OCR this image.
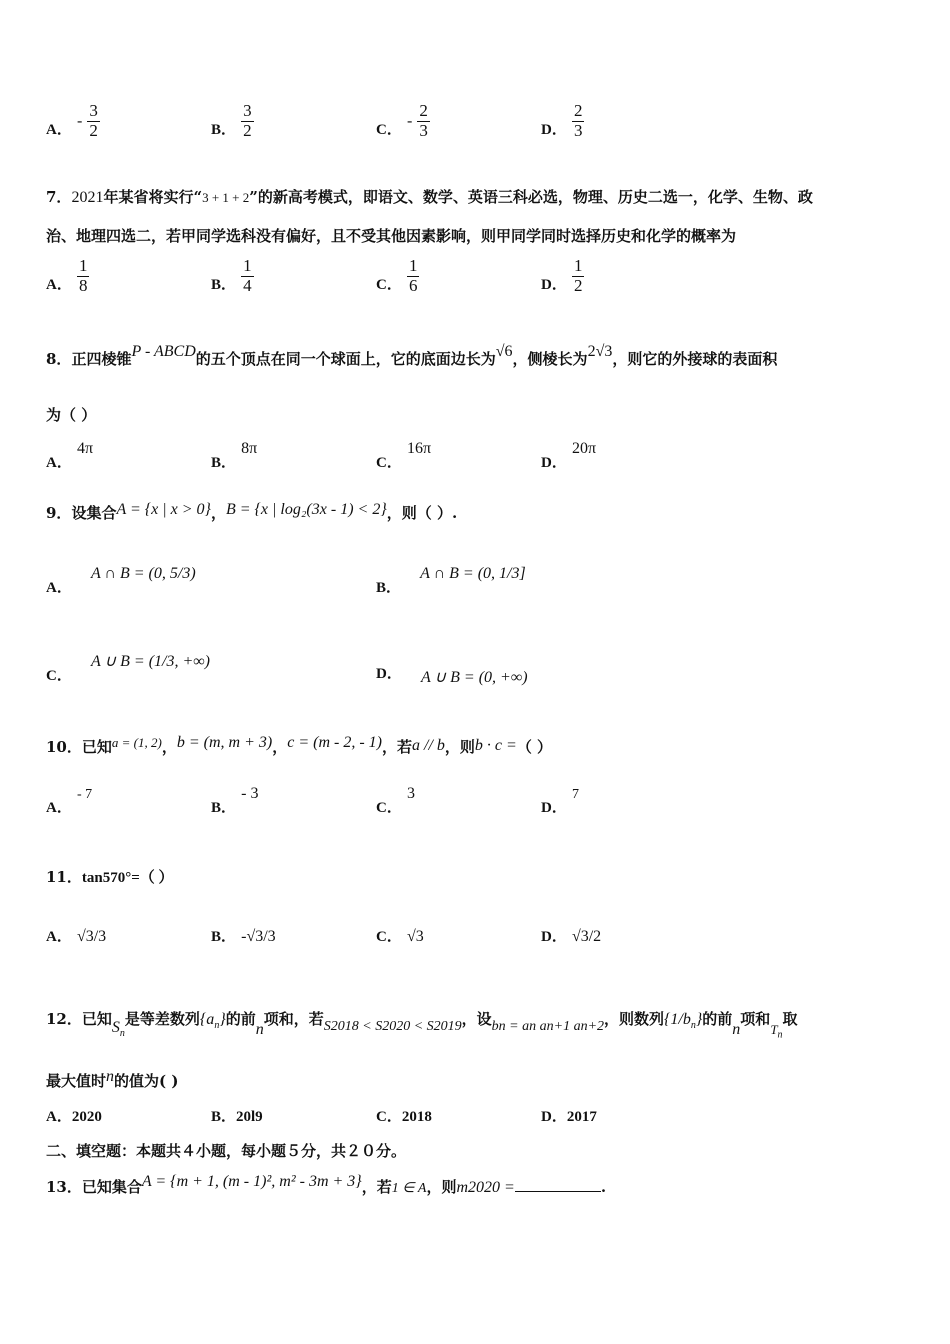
A． - $\frac{3}{2}$	B． $\frac{3}{2}$	C． - $\frac{2}{3}$	D． $\frac{2}{3}$
7．2021年某省将实行“3 + 1 + 2”的新高考模式，即语文、数学、英语三科必选，物理、历史二选一，化学、生物、政
治、地理四选二，若甲同学选科没有偏好，且不受其他因素影响，则甲同学同时选择历史和化学的概率为
A． $\frac{1}{8}$	B． $\frac{1}{4}$	C． $\frac{1}{6}$	D． $\frac{1}{2}$
8．正四棱锥P - ABCD的五个顶点在同一个球面上，它的底面边长为√6，侧棱长为2√3，则它的外接球的表面积
为（ ）
A． 4π
B． 8π
C． 16π
D． 20π
9．设集合A = {x | x > 0}，B = {x | log₂(3x - 1) < 2}，则（ ）.
A． A ∩ B = (0, 5/3)
B． A ∩ B = (0, 1/3]
C． A ∪ B = (1/3, +∞)
D． A ∪ B = (0, +∞)
10．已知a = (1, 2)，b = (m, m + 3)，c = (m - 2, - 1)，若a // b，则b · c =（ ）
A． - 7
B． - 3
C． 3
D． 7
11．tan570°=（ ）
A． √3/3	B． -√3/3	C． √3	D． √3/2
12．已知$S_n$是等差数列$\{a_n\}$的前n项和，若S2018 < S2020 < S2019，设bn = an an+1 an+2，则数列$\{1/b_n\}$的前n项和$T_n$取
最大值时n的值为( )
A．2020	B．20l9	C．2018	D．2017
二、填空题：本题共４小题，每小题５分，共２０分。
13．已知集合A = {m + 1, (m - 1)², m² - 3m + 3}，若1 ∈ A，则m2020 =	.
